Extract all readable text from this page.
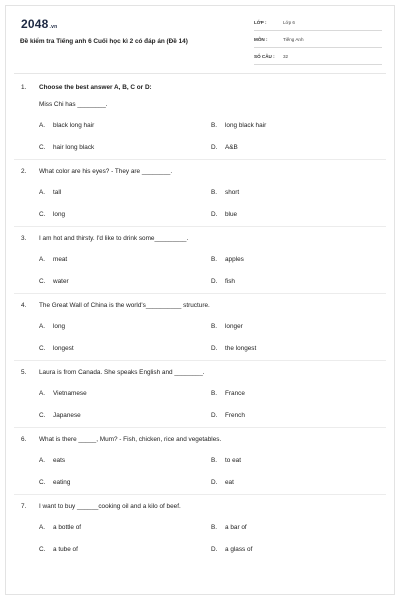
2048.vn
Đề kiểm tra Tiếng anh 6 Cuối học kì 2 có đáp án (Đề 14)
LỚP :	Lớp 6
MÔN :	Tiếng Anh
SỐ CÂU : 32
1. Choose the best answer A, B, C or D:
Miss Chi has ________.
A. black long hair	B. long black hair
C. hair long black	D. A&B
2. What color are his eyes? - They are ________.
A. tall	B. short
C. long	D. blue
3. I am hot and thirsty. I'd like to drink some_________.
A. meat	B. apples
C. water	D. fish
4. The Great Wall of China is the world's__________ structure.
A. long	B. longer
C. longest	D. the longest
5. Laura is from Canada. She speaks English and ________.
A. Vietnamese	B. France
C. Japanese	D. French
6. What is there _____, Mum? - Fish, chicken, rice and vegetables.
A. eats	B. to eat
C. eating	D. eat
7. I want to buy ______cooking oil and a kilo of beef.
A. a bottle of	B. a bar of
C. a tube of	D. a glass of
